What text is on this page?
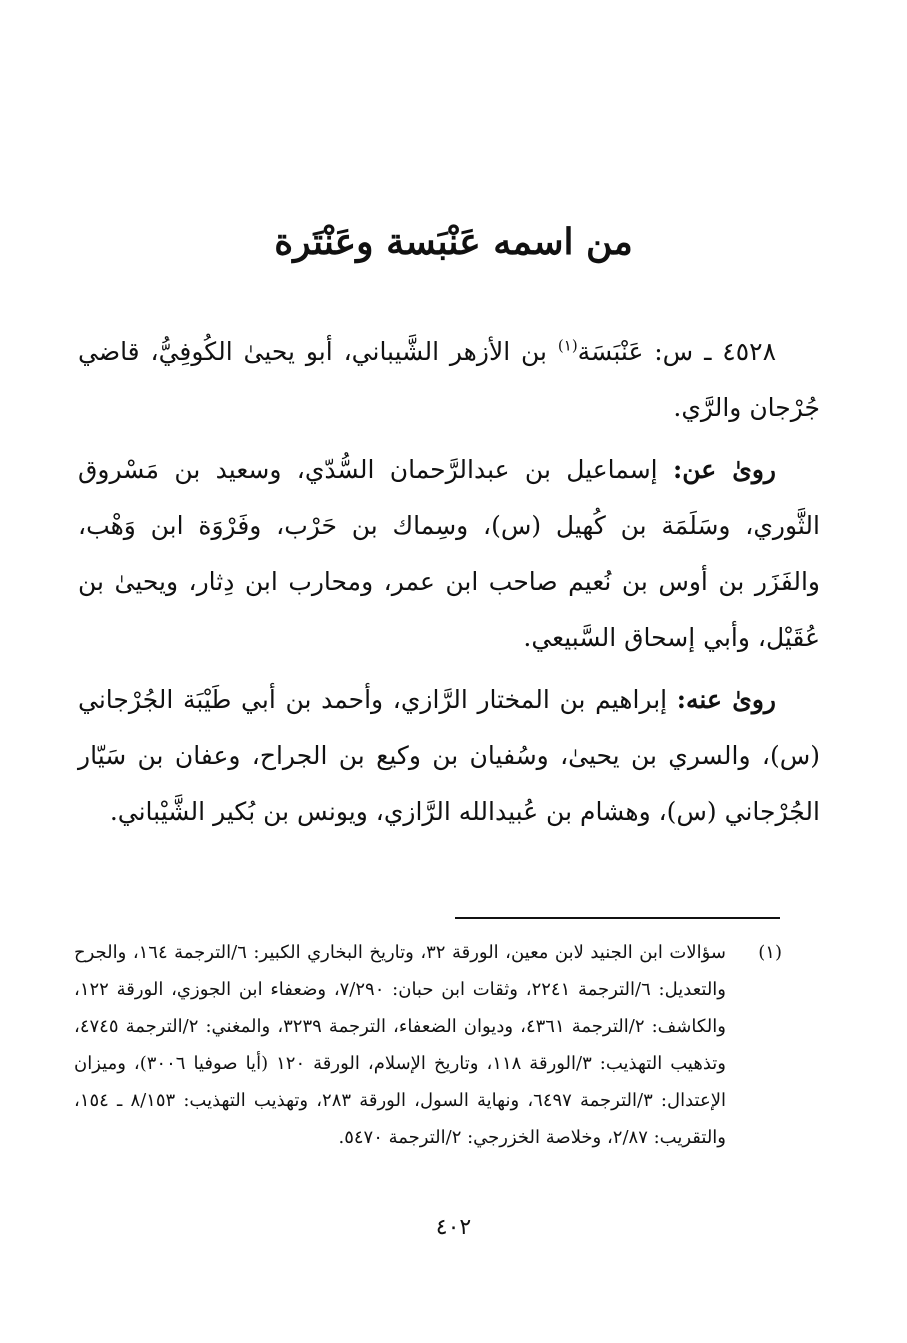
من اسمه عَنْبَسة وعَنْتَرة

٤٥٢٨ ـ س: عَنْبَسَة$^{(١)}$ بن الأزهر الشَّيباني، أبو يحيىٰ الكُوفِيُّ، قاضي جُرْجان والرَّي.

روىٰ عن: إسماعيل بن عبدالرَّحمان السُّدّي، وسعيد بن مَسْروق الثَّوري، وسَلَمَة بن كُهيل (س)، وسِماك بن حَرْب، وفَرْوَة ابن وَهْب، والفَزَر بن أوس بن نُعيم صاحب ابن عمر، ومحارب ابن دِثار، ويحيىٰ بن عُقَيْل، وأبي إسحاق السَّبيعي.

روىٰ عنه: إبراهيم بن المختار الرَّازي، وأحمد بن أبي طَيْبَة الجُرْجاني (س)، والسري بن يحيىٰ، وسُفيان بن وكيع بن الجراح، وعفان بن سَيّار الجُرْجاني (س)، وهشام بن عُبيدالله الرَّازي، ويونس بن بُكير الشَّيْباني.

(١)
سؤالات ابن الجنيد لابن معين، الورقة ٣٢، وتاريخ البخاري الكبير: ٦/الترجمة ١٦٤، والجرح والتعديل: ٦/الترجمة ٢٢٤١، وثقات ابن حبان: ٧/٢٩٠، وضعفاء ابن الجوزي، الورقة ١٢٢، والكاشف: ٢/الترجمة ٤٣٦١، وديوان الضعفاء، الترجمة ٣٢٣٩، والمغني: ٢/الترجمة ٤٧٤٥، وتذهيب التهذيب: ٣/الورقة ١١٨، وتاريخ الإسلام، الورقة ١٢٠ (أيا صوفيا ٣٠٠٦)، وميزان الإعتدال: ٣/الترجمة ٦٤٩٧، ونهاية السول، الورقة ٢٨٣، وتهذيب التهذيب: ٨/١٥٣ ـ ١٥٤، والتقريب: ٢/٨٧، وخلاصة الخزرجي: ٢/الترجمة ٥٤٧٠.
٤٠٢
